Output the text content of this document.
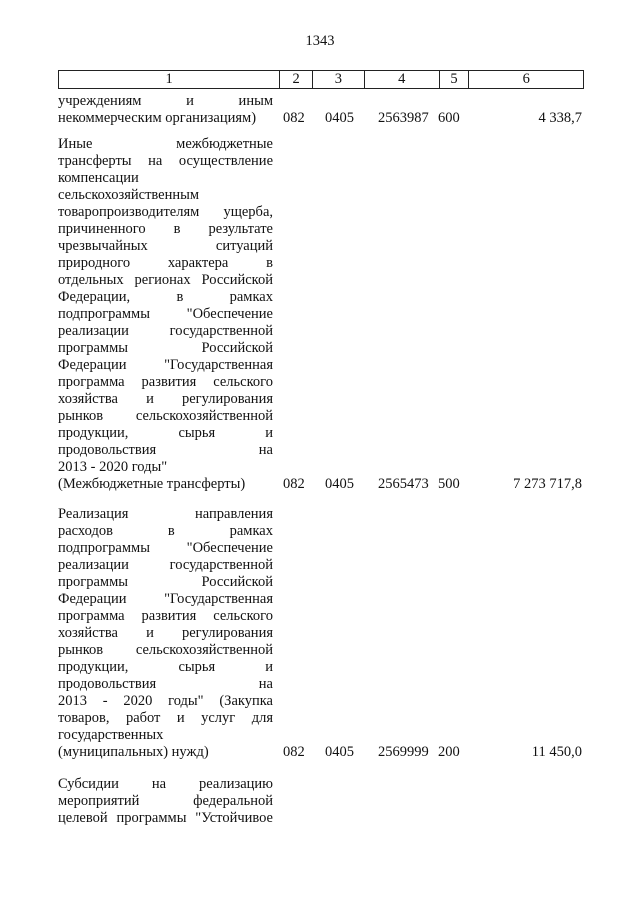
1343
1	2	3	4	5	6
учреждениям и иным
некоммерческим организациям)	082 0405 2563987 600	4 338,7
Иные межбюджетные
трансферты на осуществление
компенсации
сельскохозяйственным
товаропроизводителям ущерба,
причиненного в результате
чрезвычайных ситуаций
природного характера в
отдельных регионах Российской
Федерации, в рамках
подпрограммы "Обеспечение
реализации государственной
программы Российской
Федерации "Государственная
программа развития сельского
хозяйства и регулирования
рынков сельскохозяйственной
продукции, сырья и
продовольствия на
2013 - 2020 годы"
(Межбюджетные трансферты)	082 0405 2565473 500	7 273 717,8
Реализация направления
расходов в рамках
подпрограммы "Обеспечение
реализации государственной
программы Российской
Федерации "Государственная
программа развития сельского
хозяйства и регулирования
рынков сельскохозяйственной
продукции, сырья и
продовольствия на
2013 - 2020 годы" (Закупка
товаров, работ и услуг для
государственных
(муниципальных) нужд)	082 0405 2569999 200	11 450,0
Субсидии на реализацию
мероприятий федеральной
целевой программы "Устойчивое
